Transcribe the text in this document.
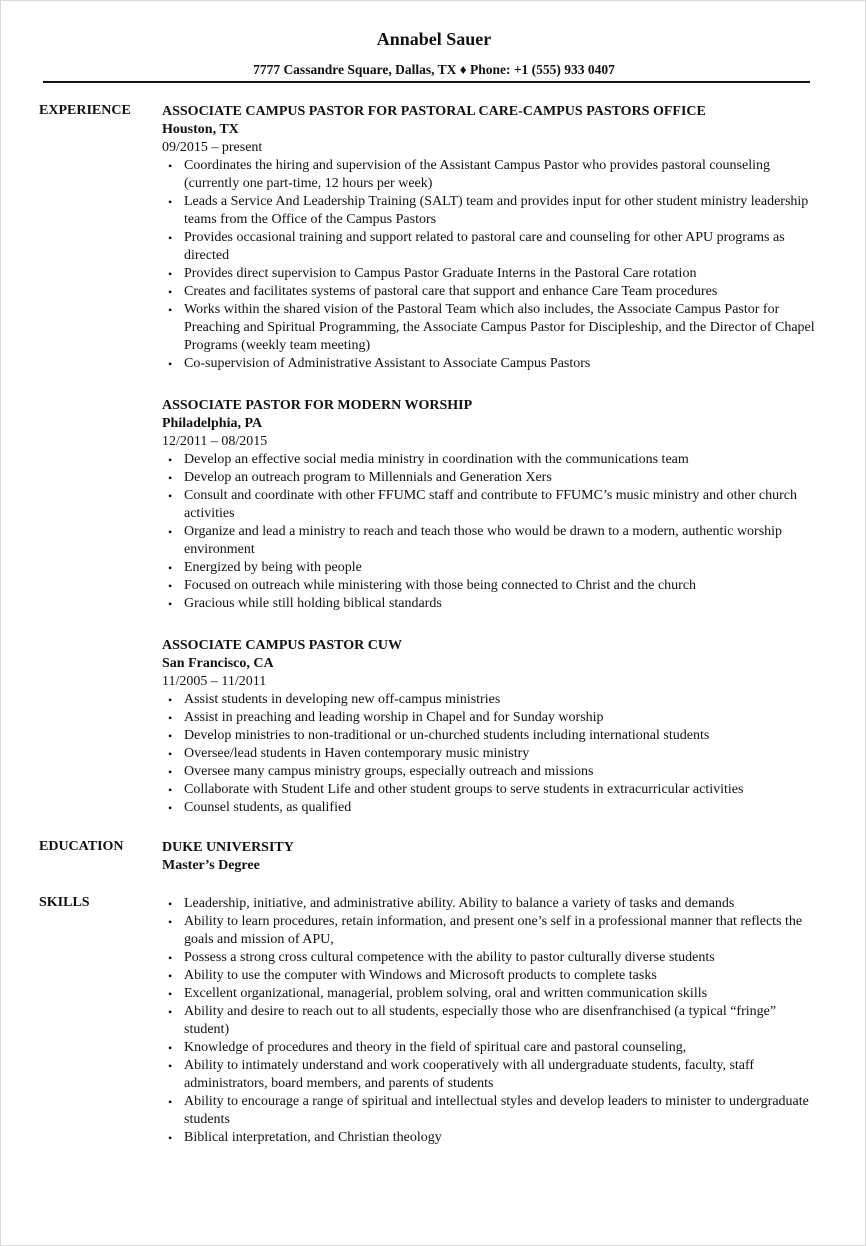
Annabel Sauer
7777 Cassandre Square, Dallas, TX ♦ Phone: +1 (555) 933 0407
EXPERIENCE ASSOCIATE CAMPUS PASTOR FOR PASTORAL CARE-CAMPUS PASTORS OFFICE
Houston, TX
09/2015 – present
• Coordinates the hiring and supervision of the Assistant Campus Pastor who provides pastoral counseling (currently one part-time, 12 hours per week)
• Leads a Service And Leadership Training (SALT) team and provides input for other student ministry leadership teams from the Office of the Campus Pastors
• Provides occasional training and support related to pastoral care and counseling for other APU programs as directed
• Provides direct supervision to Campus Pastor Graduate Interns in the Pastoral Care rotation
• Creates and facilitates systems of pastoral care that support and enhance Care Team procedures
• Works within the shared vision of the Pastoral Team which also includes, the Associate Campus Pastor for Preaching and Spiritual Programming, the Associate Campus Pastor for Discipleship, and the Director of Chapel Programs (weekly team meeting)
• Co-supervision of Administrative Assistant to Associate Campus Pastors
ASSOCIATE PASTOR FOR MODERN WORSHIP
Philadelphia, PA
12/2011 – 08/2015
• Develop an effective social media ministry in coordination with the communications team
• Develop an outreach program to Millennials and Generation Xers
• Consult and coordinate with other FFUMC staff and contribute to FFUMC’s music ministry and other church activities
• Organize and lead a ministry to reach and teach those who would be drawn to a modern, authentic worship environment
• Energized by being with people
• Focused on outreach while ministering with those being connected to Christ and the church
• Gracious while still holding biblical standards
ASSOCIATE CAMPUS PASTOR CUW
San Francisco, CA
11/2005 – 11/2011
• Assist students in developing new off-campus ministries
• Assist in preaching and leading worship in Chapel and for Sunday worship
• Develop ministries to non-traditional or un-churched students including international students
• Oversee/lead students in Haven contemporary music ministry
• Oversee many campus ministry groups, especially outreach and missions
• Collaborate with Student Life and other student groups to serve students in extracurricular activities
• Counsel students, as qualified
EDUCATION	DUKE UNIVERSITY
Master’s Degree
SKILLS	• Leadership, initiative, and administrative ability. Ability to balance a variety of tasks and demands
• Ability to learn procedures, retain information, and present one’s self in a professional manner that reflects the goals and mission of APU,
• Possess a strong cross cultural competence with the ability to pastor culturally diverse students
• Ability to use the computer with Windows and Microsoft products to complete tasks
• Excellent organizational, managerial, problem solving, oral and written communication skills
• Ability and desire to reach out to all students, especially those who are disenfranchised (a typical “fringe” student)
• Knowledge of procedures and theory in the field of spiritual care and pastoral counseling,
• Ability to intimately understand and work cooperatively with all undergraduate students, faculty, staff administrators, board members, and parents of students
• Ability to encourage a range of spiritual and intellectual styles and develop leaders to minister to undergraduate students
• Biblical interpretation, and Christian theology
